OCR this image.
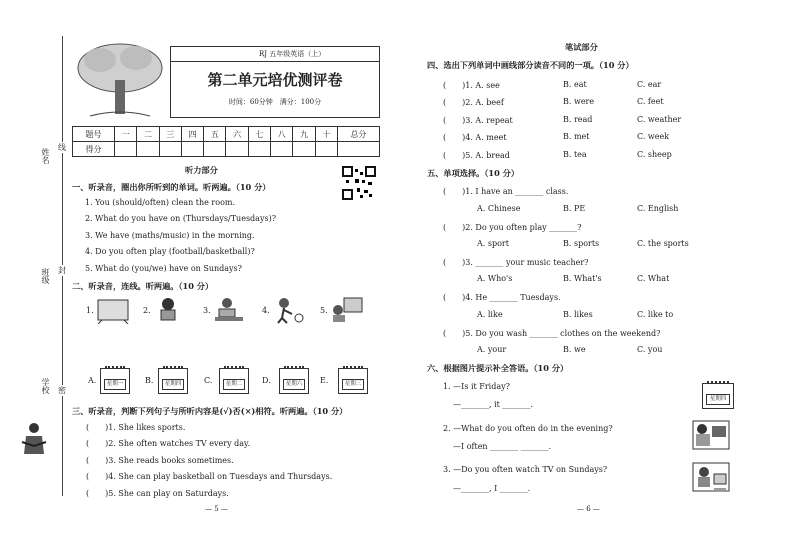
姓名
班级
学校
线
封
密
RJ 五年级英语（上）
第二单元培优测评卷
时间：60分钟　满分：100分
题号	一	二	三	四	五	六	七	八	九	十	总分
得分											
听力部分
一、听录音，圈出你所听到的单词。听两遍。（10 分）
1. You (should/often) clean the room.
2. What do you have on (Thursdays/Tuesdays)?
3. We have (maths/music) in the morning.
4. Do you often play (football/basketball)?
5. What do (you/we) have on Sundays?
二、听录音，连线。听两遍。（10 分）
1.	2.	3.	4.	5.
A.	星期一	B.	星期四	C.	星期二	D.	星期六	E.	星期三
三、听录音，判断下列句子与所听内容是(√)否(×)相符。听两遍。（10 分）
(　　)1. She likes sports.
(　　)2. She often watches TV every day.
(　　)3. She reads books sometimes.
(　　)4. She can play basketball on Tuesdays and Thursdays.
(　　)5. She can play on Saturdays.
— 5 —
笔试部分
四、选出下列单词中画线部分读音不同的一项。（10 分）
(　　)1. A. see	B. eat	C. ear
(　　)2. A. beef	B. were	C. feet
(　　)3. A. repeat	B. read	C. weather
(　　)4. A. meet	B. met	C. week
(　　)5. A. bread	B. tea	C. sheep
五、单项选择。（10 分）
(　　)1. I have an _______ class.
A. Chinese	B. PE	C. English
(　　)2. Do you often play _______?
A. sport	B. sports	C. the sports
(　　)3. _______ your music teacher?
A. Who's	B. What's	C. What
(　　)4. He _______ Tuesdays.
A. like	B. likes	C. like to
(　　)5. Do you wash _______ clothes on the weekend?
A. your	B. we	C. you
六、根据图片提示补全答语。（10 分）
1. —Is it Friday?
—_______, it _______.
星期四
2. —What do you often do in the evening?
—I often _______ _______.
3. —Do you often watch TV on Sundays?
—_______, I _______.
— 6 —
